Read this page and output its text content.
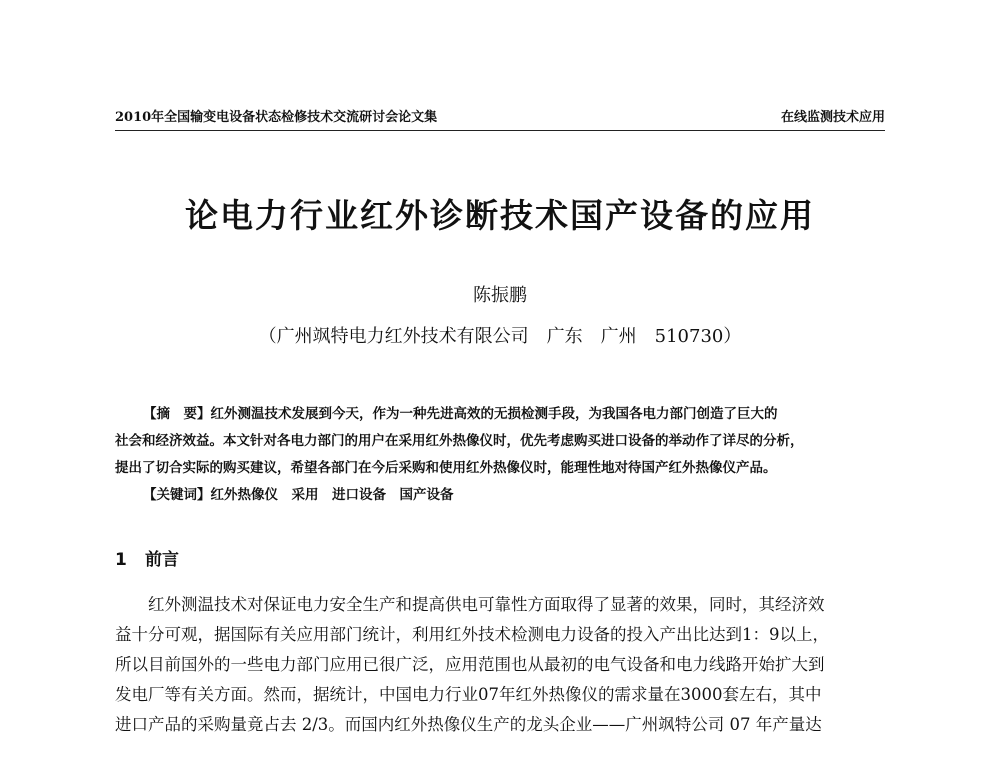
2010年全国输变电设备状态检修技术交流研讨会论文集	在线监测技术应用
论电力行业红外诊断技术国产设备的应用
陈振鹏
（广州飒特电力红外技术有限公司　广东　广州　510730）
【摘　要】红外测温技术发展到今天，作为一种先进高效的无损检测手段，为我国各电力部门创造了巨大的
社会和经济效益。本文针对各电力部门的用户在采用红外热像仪时，优先考虑购买进口设备的举动作了详尽的分析，
提出了切合实际的购买建议，希望各部门在今后采购和使用红外热像仪时，能理性地对待国产红外热像仪产品。
【关键词】红外热像仪　采用　进口设备　国产设备
1 前言
红外测温技术对保证电力安全生产和提高供电可靠性方面取得了显著的效果，同时，其经济效
益十分可观，据国际有关应用部门统计，利用红外技术检测电力设备的投入产出比达到1：9以上，
所以目前国外的一些电力部门应用已很广泛，应用范围也从最初的电气设备和电力线路开始扩大到
发电厂等有关方面。然而，据统计，中国电力行业07年红外热像仪的需求量在3000套左右，其中
进口产品的采购量竟占去 2/3。而国内红外热像仪生产的龙头企业——广州飒特公司 07 年产量达
